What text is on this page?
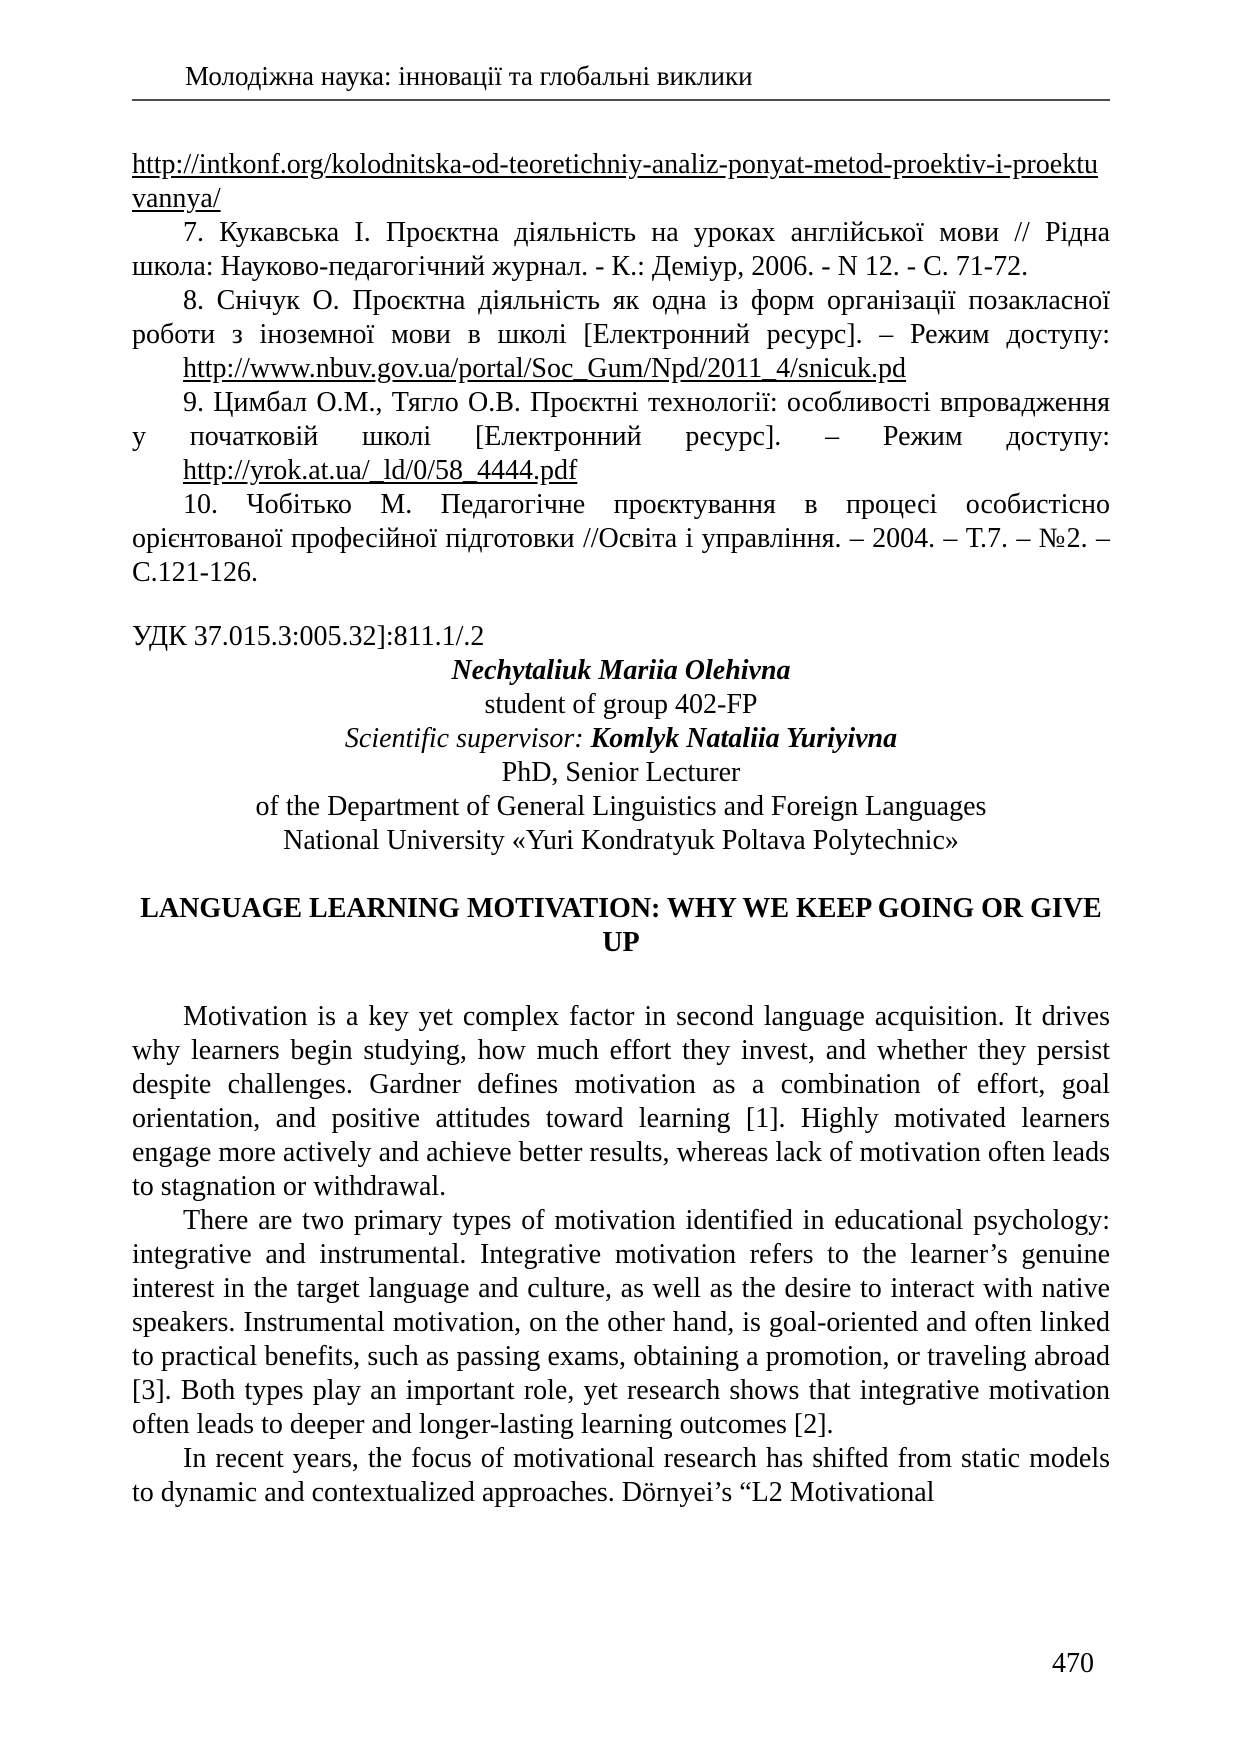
Молодіжна наука: інновації та глобальні виклики

http://intkonf.org/kolodnitska-od-teoretichniy-analiz-ponyat-metod-proektiv-i-proektuvannya/

7. Кукавська І. Проєктна діяльність на уроках англійської мови // Рідна школа: Науково-педагогічний журнал. - К.: Деміур, 2006. - N 12. - С. 71-72.

8. Снічук О. Проєктна діяльність як одна із форм організації позакласної роботи з іноземної мови в школі [Електронний ресурс]. – Режим доступу:
http://www.nbuv.gov.ua/portal/Soc_Gum/Npd/2011_4/snicuk.pd

9. Цимбал О.М., Тягло О.В. Проєктні технології: особливості впровадження у початковій школі [Електронний ресурс]. – Режим доступу:
http://yrok.at.ua/_ld/0/58_4444.pdf

10. Чобітько М. Педагогічне проєктування в процесі особистісно орієнтованої професійної підготовки //Освіта і управління. – 2004. – Т.7. – №2. – С.121-126.

УДК 37.015.3:005.32]:811.1/.2

Nechytaliuk Mariia Olehivna

student of group 402-FP

Scientific supervisor: Komlyk Nataliia Yuriyivna

PhD, Senior Lecturer

of the Department of General Linguistics and Foreign Languages

National University «Yuri Kondratyuk Poltava Polytechnic»

LANGUAGE LEARNING MOTIVATION: WHY WE KEEP GOING OR GIVE UP

Motivation is a key yet complex factor in second language acquisition. It drives why learners begin studying, how much effort they invest, and whether they persist despite challenges. Gardner defines motivation as a combination of effort, goal orientation, and positive attitudes toward learning [1]. Highly motivated learners engage more actively and achieve better results, whereas lack of motivation often leads to stagnation or withdrawal.

There are two primary types of motivation identified in educational psychology: integrative and instrumental. Integrative motivation refers to the learner’s genuine interest in the target language and culture, as well as the desire to interact with native speakers. Instrumental motivation, on the other hand, is goal-oriented and often linked to practical benefits, such as passing exams, obtaining a promotion, or traveling abroad [3]. Both types play an important role, yet research shows that integrative motivation often leads to deeper and longer-lasting learning outcomes [2].

In recent years, the focus of motivational research has shifted from static models to dynamic and contextualized approaches. Dörnyei’s “L2 Motivational

470
